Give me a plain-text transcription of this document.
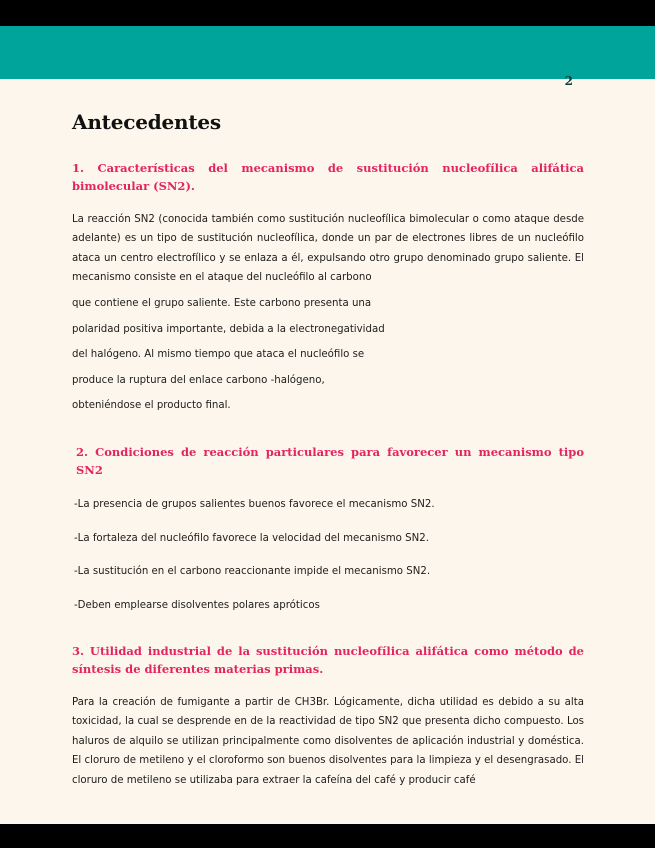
2
Antecedentes

1. Características del mecanismo de sustitución nucleofílica alifática bimolecular (SN2).

La reacción SN2 (conocida también como sustitución nucleofílica bimolecular o como ataque desde adelante) es un tipo de sustitución nucleofílica, donde un par de electrones libres de un nucleófilo ataca un centro electrofílico y se enlaza a él, expulsando otro grupo denominado grupo saliente. El mecanismo consiste en el ataque del nucleófilo al carbono

que contiene el grupo saliente. Este carbono presenta una

polaridad positiva importante, debida a la electronegatividad

del halógeno. Al mismo tiempo que ataca el nucleófilo se

produce la ruptura del enlace carbono -halógeno,

obteniéndose el producto final.

2. Condiciones de reacción particulares para favorecer un mecanismo tipo SN2

-La presencia de grupos salientes buenos favorece el mecanismo SN2.

-La fortaleza del nucleófilo favorece la velocidad del mecanismo SN2.

-La sustitución en el carbono reaccionante impide el mecanismo SN2.

-Deben emplearse disolventes polares apróticos

3. Utilidad industrial de la sustitución nucleofílica alifática como método de síntesis de diferentes materias primas.

Para la creación de fumigante a partir de CH3Br. Lógicamente, dicha utilidad es debido a su alta toxicidad, la cual se desprende en de la reactividad de tipo SN2 que presenta dicho compuesto. Los haluros de alquilo se utilizan principalmente como disolventes de aplicación industrial y doméstica. El cloruro de metileno y el cloroformo son buenos disolventes para la limpieza y el desengrasado. El cloruro de metileno se utilizaba para extraer la cafeína del café y producir café
